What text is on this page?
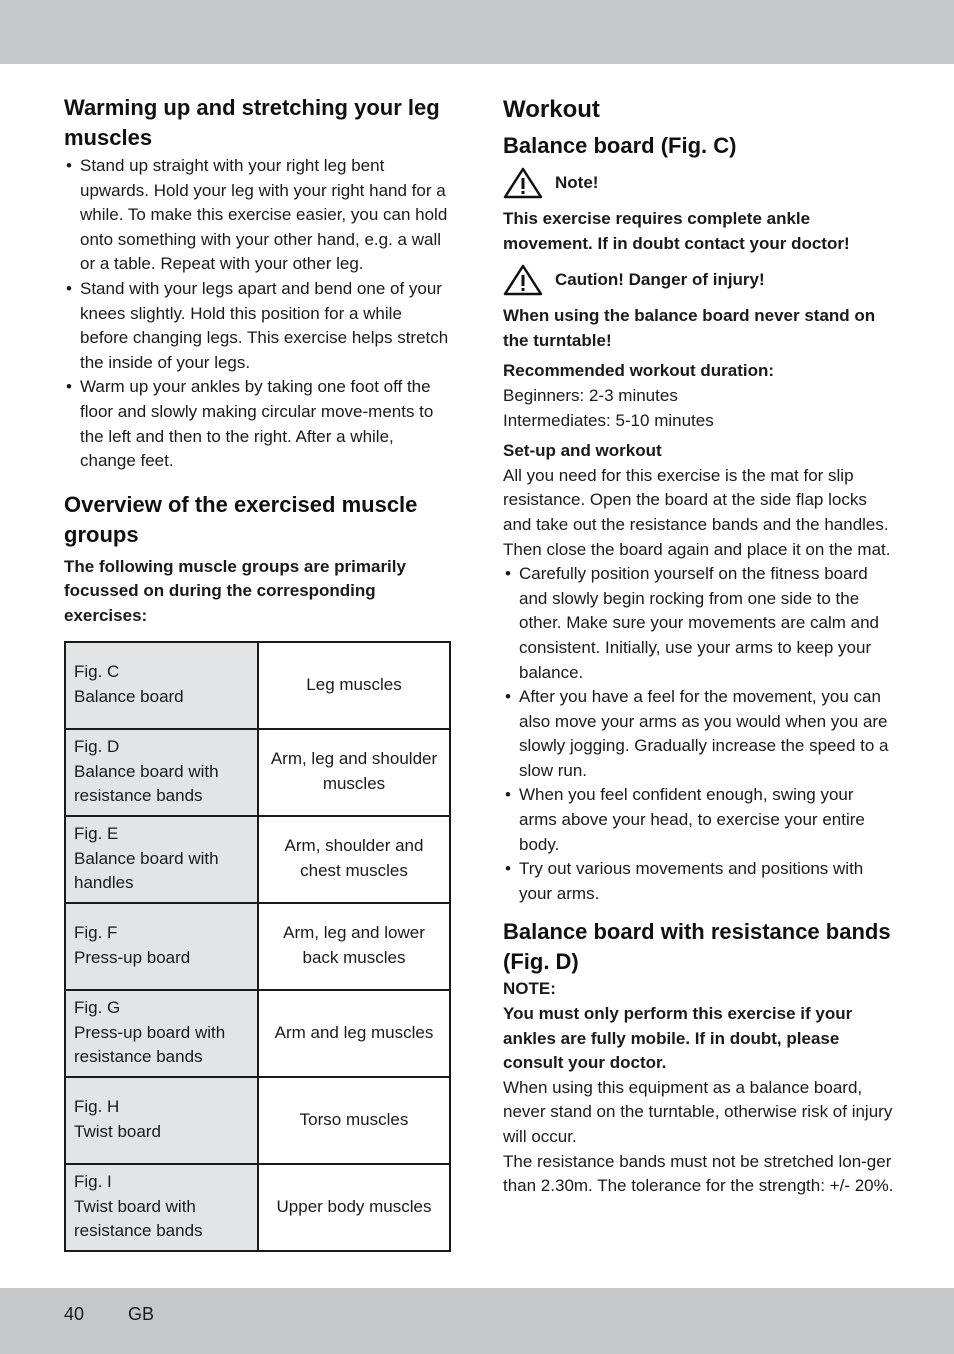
Warming up and stretching your leg muscles
• Stand up straight with your right leg bent upwards. Hold your leg with your right hand for a while. To make this exercise easier, you can hold onto something with your other hand, e.g. a wall or a table. Repeat with your other leg.
• Stand with your legs apart and bend one of your knees slightly. Hold this position for a while before changing legs. This exercise helps stretch the inside of your legs.
• Warm up your ankles by taking one foot off the floor and slowly making circular move-ments to the left and then to the right. After a while, change feet.
Overview of the exercised muscle groups

The following muscle groups are primarily focussed on during the corresponding exercises:

Fig. C
Balance board	Leg muscles

Fig. D
Balance board with resistance bands	Arm, leg and shoulder muscles

Fig. E
Balance board with handles	Arm, shoulder and chest muscles

Fig. F
Press-up board	Arm, leg and lower back muscles

Fig. G
Press-up board with resistance bands	Arm and leg muscles

Fig. H
Twist board	Torso muscles

Fig. I
Twist board with resistance bands	Upper body muscles
Workout
Balance board (Fig. C)
Note!

This exercise requires complete ankle movement. If in doubt contact your doctor!

Caution! Danger of injury!

When using the balance board never stand on the turntable!

Recommended workout duration:

Beginners: 2-3 minutes

Intermediates: 5-10 minutes

Set-up and workout

All you need for this exercise is the mat for slip resistance. Open the board at the side flap locks and take out the resistance bands and the handles. Then close the board again and place it on the mat.

• Carefully position yourself on the fitness board and slowly begin rocking from one side to the other. Make sure your movements are calm and consistent. Initially, use your arms to keep your balance.
• After you have a feel for the movement, you can also move your arms as you would when you are slowly jogging. Gradually increase the speed to a slow run.
• When you feel confident enough, swing your arms above your head, to exercise your entire body.
• Try out various movements and positions with your arms.
Balance board with resistance bands (Fig. D)

NOTE:

You must only perform this exercise if your ankles are fully mobile. If in doubt, please consult your doctor.

When using this equipment as a balance board, never stand on the turntable, otherwise risk of injury will occur.

The resistance bands must not be stretched lon-ger than 2.30m. The tolerance for the strength: +/- 20%.

40 GB
